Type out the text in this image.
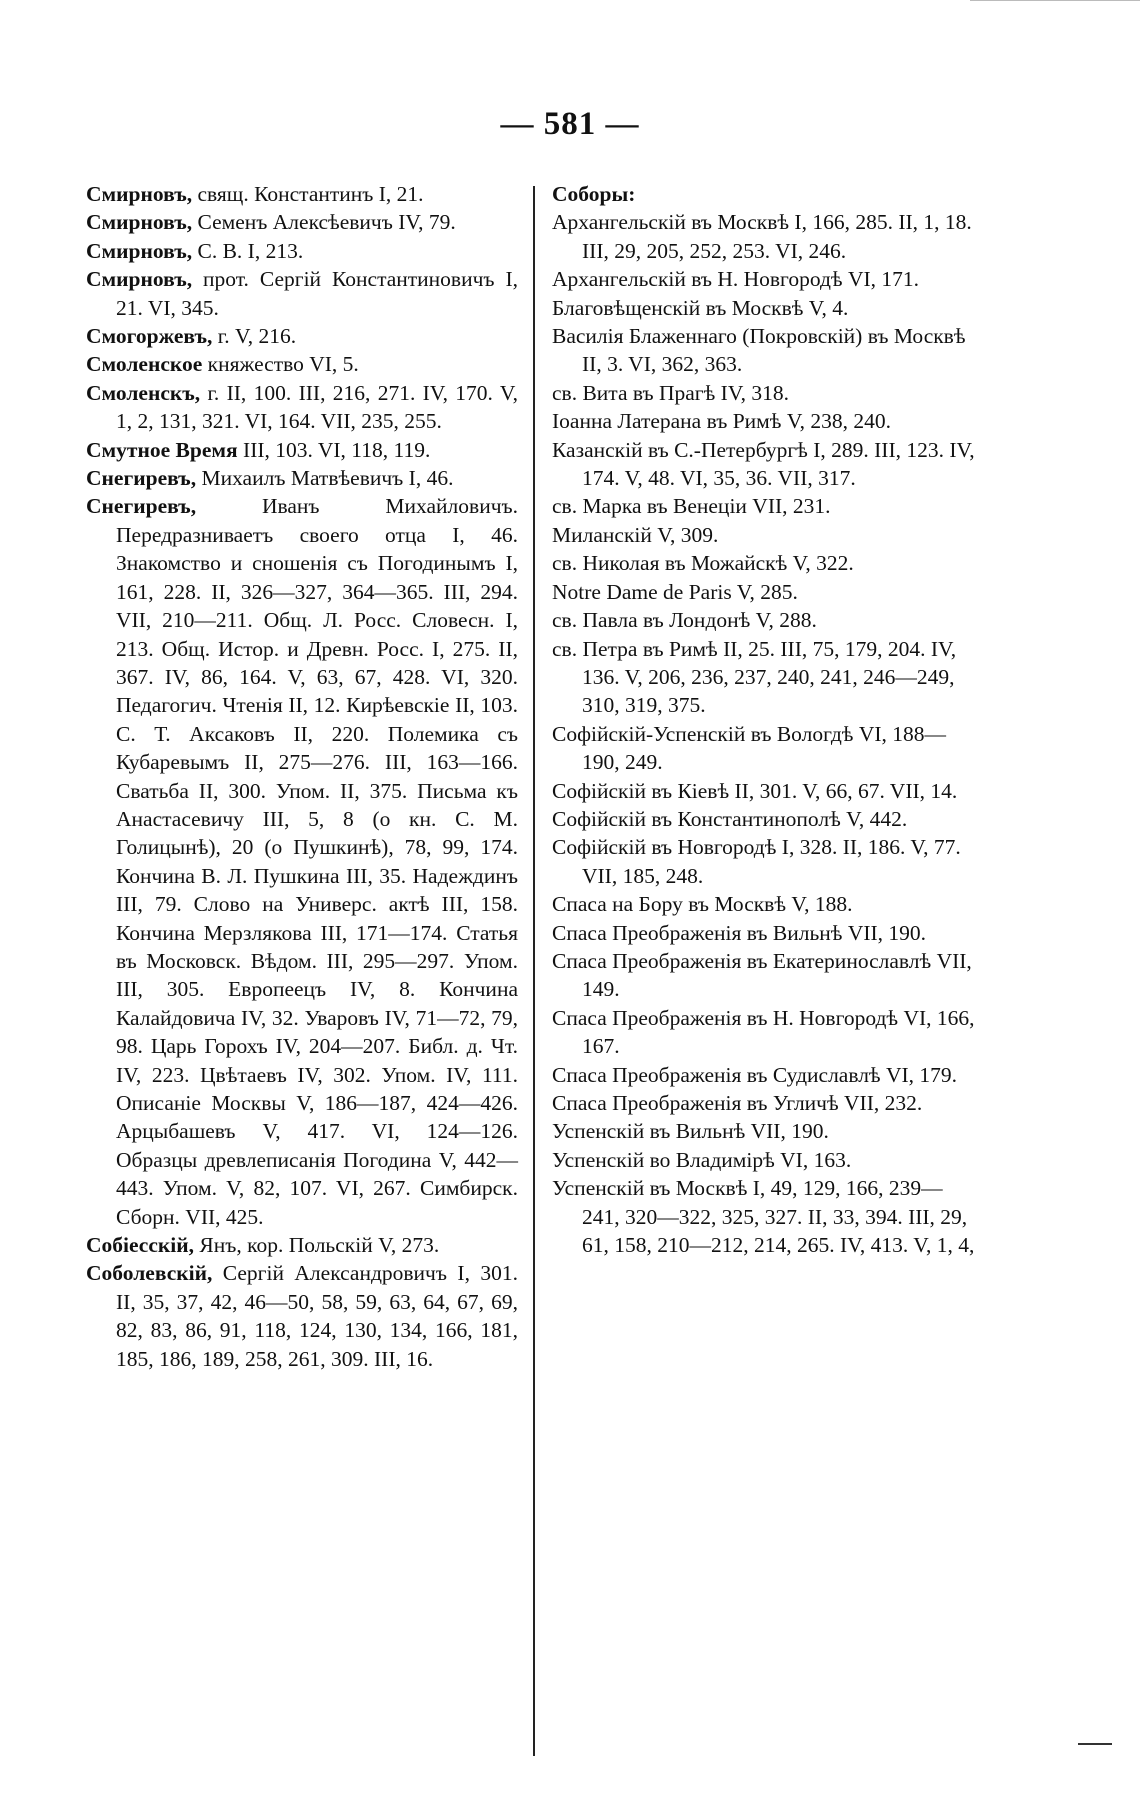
— 581 —
Смирновъ, свящ. Константинъ I, 21.
Смирновъ, Семенъ Алексѣевичъ IV, 79.
Смирновъ, С. В. I, 213.
Смирновъ, прот. Сергій Константиновичъ I, 21. VI, 345.
Смогоржевъ, г. V, 216.
Смоленское княжество VI, 5.
Смоленскъ, г. II, 100. III, 216, 271. IV, 170. V, 1, 2, 131, 321. VI, 164. VII, 235, 255.
Смутное Время III, 103. VI, 118, 119.
Снегиревъ, Михаилъ Матвѣевичъ I, 46.
Снегиревъ, Иванъ Михайловичъ. Передразниваетъ своего отца I, 46. Знакомство и сношенія съ Погодинымъ I, 161, 228. II, 326—327, 364—365. III, 294. VII, 210—211. Общ. Л. Росс. Словесн. I, 213. Общ. Истор. и Древн. Росс. I, 275. II, 367. IV, 86, 164. V, 63, 67, 428. VI, 320. Педагогич. Чтенія II, 12. Кирѣевскіе II, 103. С. Т. Аксаковъ II, 220. Полемика съ Кубаревымъ II, 275—276. III, 163—166. Сватьба II, 300. Упом. II, 375. Письма къ Анастасевичу III, 5, 8 (о кн. С. М. Голицынѣ), 20 (о Пушкинѣ), 78, 99, 174. Кончина В. Л. Пушкина III, 35. Надеждинъ III, 79. Слово на Универс. актѣ III, 158. Кончина Мерзлякова III, 171—174. Статья въ Московск. Вѣдом. III, 295—297. Упом. III, 305. Европеецъ IV, 8. Кончина Калайдовича IV, 32. Уваровъ IV, 71—72, 79, 98. Царь Горохъ IV, 204—207. Библ. д. Чт. IV, 223. Цвѣтаевъ IV, 302. Упом. IV, 111. Описаніе Москвы V, 186—187, 424—426. Арцыбашевъ V, 417. VI, 124—126. Образцы древлеписанія Погодина V, 442—443. Упом. V, 82, 107. VI, 267. Симбирск. Сборн. VII, 425.
Собіесскій, Янъ, кор. Польскій V, 273.
Соболевскій, Сергій Александровичъ I, 301. II, 35, 37, 42, 46—50, 58, 59, 63, 64, 67, 69, 82, 83, 86, 91, 118, 124, 130, 134, 166, 181, 185, 186, 189, 258, 261, 309. III, 16.
Соборы:
Архангельскій въ Москвѣ I, 166, 285. II, 1, 18. III, 29, 205, 252, 253. VI, 246.
Архангельскій въ Н. Новгородѣ VI, 171.
Благовѣщенскій въ Москвѣ V, 4.
Василія Блаженнаго (Покровскій) въ Москвѣ II, 3. VI, 362, 363.
св. Вита въ Прагѣ IV, 318.
Іоанна Латерана въ Римѣ V, 238, 240.
Казанскій въ С.-Петербургѣ I, 289. III, 123. IV, 174. V, 48. VI, 35, 36. VII, 317.
св. Марка въ Венеціи VII, 231.
Миланскій V, 309.
св. Николая въ Можайскѣ V, 322.
Notre Dame de Paris V, 285.
св. Павла въ Лондонѣ V, 288.
св. Петра въ Римѣ II, 25. III, 75, 179, 204. IV, 136. V, 206, 236, 237, 240, 241, 246—249, 310, 319, 375.
Софійскій-Успенскій въ Вологдѣ VI, 188—190, 249.
Софійскій въ Кіевѣ II, 301. V, 66, 67. VII, 14.
Софійскій въ Константинополѣ V, 442.
Софійскій въ Новгородѣ I, 328. II, 186. V, 77. VII, 185, 248.
Спаса на Бору въ Москвѣ V, 188.
Спаса Преображенія въ Вильнѣ VII, 190.
Спаса Преображенія въ Екатеринославлѣ VII, 149.
Спаса Преображенія въ Н. Новгородѣ VI, 166, 167.
Спаса Преображенія въ Судиславлѣ VI, 179.
Спаса Преображенія въ Угличѣ VII, 232.
Успенскій въ Вильнѣ VII, 190.
Успенскій во Владимірѣ VI, 163.
Успенскій въ Москвѣ I, 49, 129, 166, 239—241, 320—322, 325, 327. II, 33, 394. III, 29, 61, 158, 210—212, 214, 265. IV, 413. V, 1, 4,
